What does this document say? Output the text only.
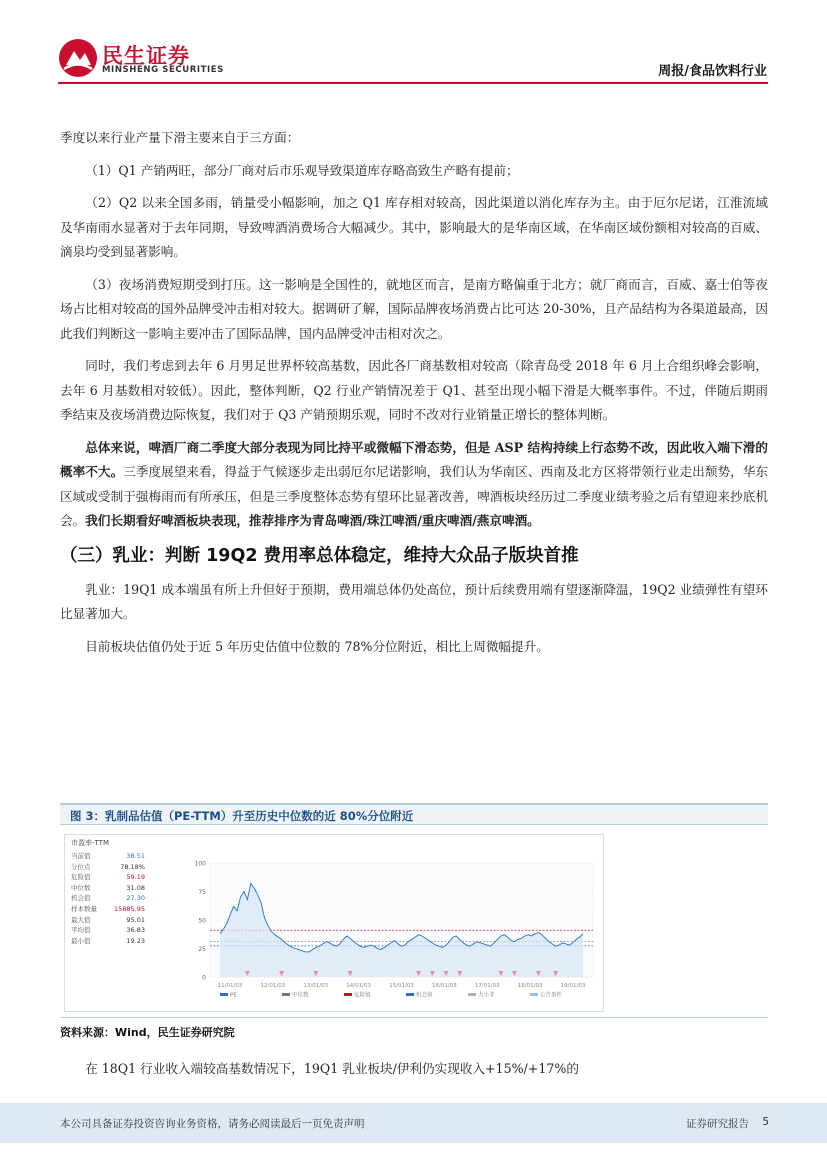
民生证券
MINSHENG SECURITIES	周报/食品饮料行业

季度以来行业产量下滑主要来自于三方面：

（1）Q1 产销两旺，部分厂商对后市乐观导致渠道库存略高致生产略有提前；

（2）Q2 以来全国多雨，销量受小幅影响，加之 Q1 库存相对较高，因此渠道以消化库存为主。由于厄尔尼诺，江淮流域及华南雨水显著对于去年同期，导致啤酒消费场合大幅减少。其中，影响最大的是华南区域，在华南区域份额相对较高的百威、滴泉均受到显著影响。

（3）夜场消费短期受到打压。这一影响是全国性的，就地区而言，是南方略偏重于北方；就厂商而言，百威、嘉士伯等夜场占比相对较高的国外品牌受冲击相对较大。据调研了解，国际品牌夜场消费占比可达 20-30%，且产品结构为各渠道最高，因此我们判断这一影响主要冲击了国际品牌，国内品牌受冲击相对次之。

同时，我们考虑到去年 6 月男足世界杯较高基数，因此各厂商基数相对较高（除青岛受 2018 年 6 月上合组织峰会影响，去年 6 月基数相对较低）。因此，整体判断，Q2 行业产销情况差于 Q1、甚至出现小幅下滑是大概率事件。不过，伴随后期雨季结束及夜场消费边际恢复，我们对于 Q3 产销预期乐观，同时不改对行业销量正增长的整体判断。

总体来说，啤酒厂商二季度大部分表现为同比持平或微幅下滑态势，但是 ASP 结构持续上行态势不改，因此收入端下滑的概率不大。三季度展望来看，得益于气候逐步走出弱厄尔尼诺影响，我们认为华南区、西南及北方区将带领行业走出颓势，华东区域或受制于强梅雨而有所承压，但是三季度整体态势有望环比显著改善，啤酒板块经历过二季度业绩考验之后有望迎来抄底机会。我们长期看好啤酒板块表现，推荐排序为青岛啤酒/珠江啤酒/重庆啤酒/燕京啤酒。

（三）乳业：判断 19Q2 费用率总体稳定，维持大众品子版块首推

乳业：19Q1 成本端虽有所上升但好于预期，费用端总体仍处高位，预计后续费用端有望逐渐降温，19Q2 业绩弹性有望环比显著加大。

目前板块估值仍处于近 5 年历史估值中位数的 78%分位附近，相比上周微幅提升。

图 3：乳制品估值（PE-TTM）升至历史中位数的近 80%分位附近
0
25
50
75
100
11/01/03	12/01/03	13/01/03	14/01/03	15/01/03	16/01/03	17/01/03	18/01/03	19/01/03
PE	中位数	危险值	机会值	大小非	公告事件
市盈率-TTM
当前值	38.51
分位点	78.18%
危险值	59.19
中位数	31.08
机会值	27.30
样本数量	15885.95
最大值	95.01
平均值	36.83
最小值	19.23
资料来源：Wind，民生证券研究院

在 18Q1 行业收入端较高基数情况下，19Q1 乳业板块/伊利仍实现收入+15%/+17%的

本公司具备证券投资咨询业务资格，请务必阅读最后一页免责声明	证券研究报告 5
